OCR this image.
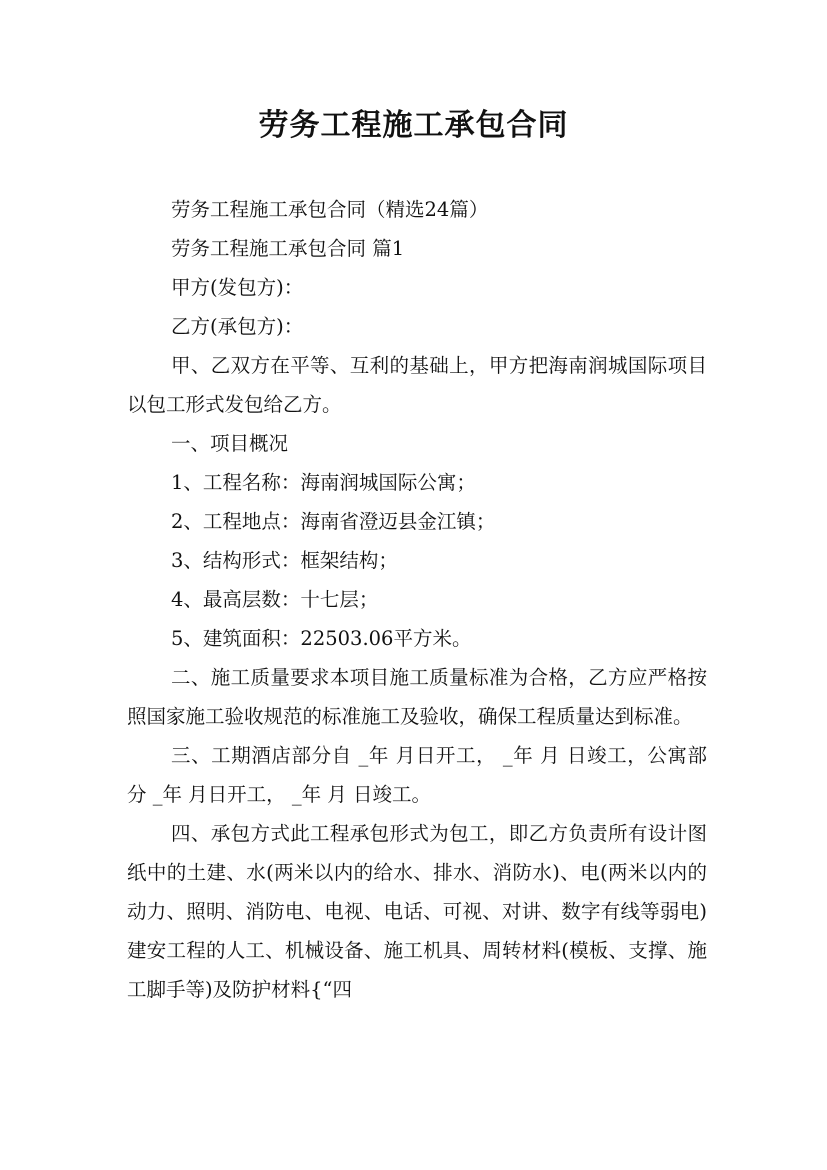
劳务工程施工承包合同

劳务工程施工承包合同（精选24篇）

劳务工程施工承包合同 篇1

甲方(发包方)：

乙方(承包方)：

甲、乙双方在平等、互利的基础上，甲方把海南润城国际项目以包工形式发包给乙方。

一、项目概况

1、工程名称：海南润城国际公寓；

2、工程地点：海南省澄迈县金江镇；

3、结构形式：框架结构；

4、最高层数：十七层；

5、建筑面积：22503.06平方米。

二、施工质量要求本项目施工质量标准为合格，乙方应严格按照国家施工验收规范的标准施工及验收，确保工程质量达到标准。

三、工期酒店部分自 _年 月日开工， _年 月 日竣工，公寓部分 _年 月日开工， _年 月 日竣工。

四、承包方式此工程承包形式为包工，即乙方负责所有设计图纸中的土建、水(两米以内的给水、排水、消防水)、电(两米以内的动力、照明、消防电、电视、电话、可视、对讲、数字有线等弱电)建安工程的人工、机械设备、施工机具、周转材料(模板、支撑、施工脚手等)及防护材料{“四
